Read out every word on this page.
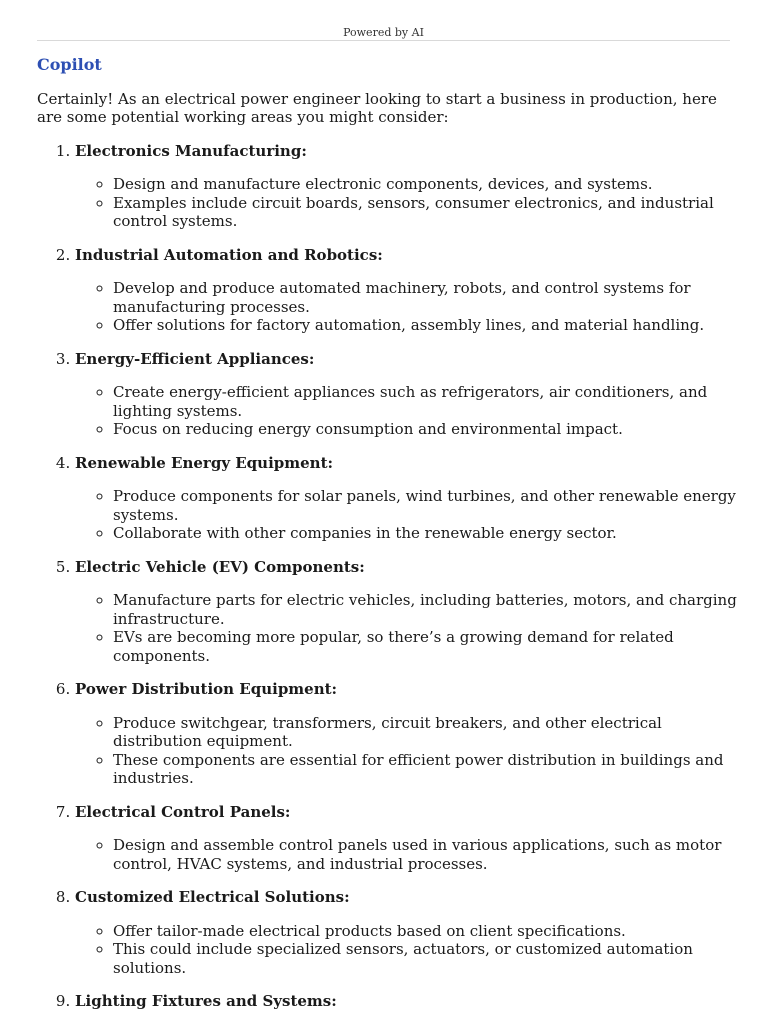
Powered by AI
Copilot

Certainly! As an electrical power engineer looking to start a business in production, here are some potential working areas you might consider:

1. Electronics Manufacturing:
◦ Design and manufacture electronic components, devices, and systems.
◦ Examples include circuit boards, sensors, consumer electronics, and industrial control systems.
2. Industrial Automation and Robotics:
◦ Develop and produce automated machinery, robots, and control systems for manufacturing processes.
◦ Offer solutions for factory automation, assembly lines, and material handling.
3. Energy-Efficient Appliances:
◦ Create energy-efficient appliances such as refrigerators, air conditioners, and lighting systems.
◦ Focus on reducing energy consumption and environmental impact.
4. Renewable Energy Equipment:
◦ Produce components for solar panels, wind turbines, and other renewable energy systems.
◦ Collaborate with other companies in the renewable energy sector.
5. Electric Vehicle (EV) Components:
◦ Manufacture parts for electric vehicles, including batteries, motors, and charging infrastructure.
◦ EVs are becoming more popular, so there’s a growing demand for related components.
6. Power Distribution Equipment:
◦ Produce switchgear, transformers, circuit breakers, and other electrical distribution equipment.
◦ These components are essential for efficient power distribution in buildings and industries.
7. Electrical Control Panels:
◦ Design and assemble control panels used in various applications, such as motor control, HVAC systems, and industrial processes.
8. Customized Electrical Solutions:
◦ Offer tailor-made electrical products based on client specifications.
◦ This could include specialized sensors, actuators, or customized automation solutions.
9. Lighting Fixtures and Systems:
